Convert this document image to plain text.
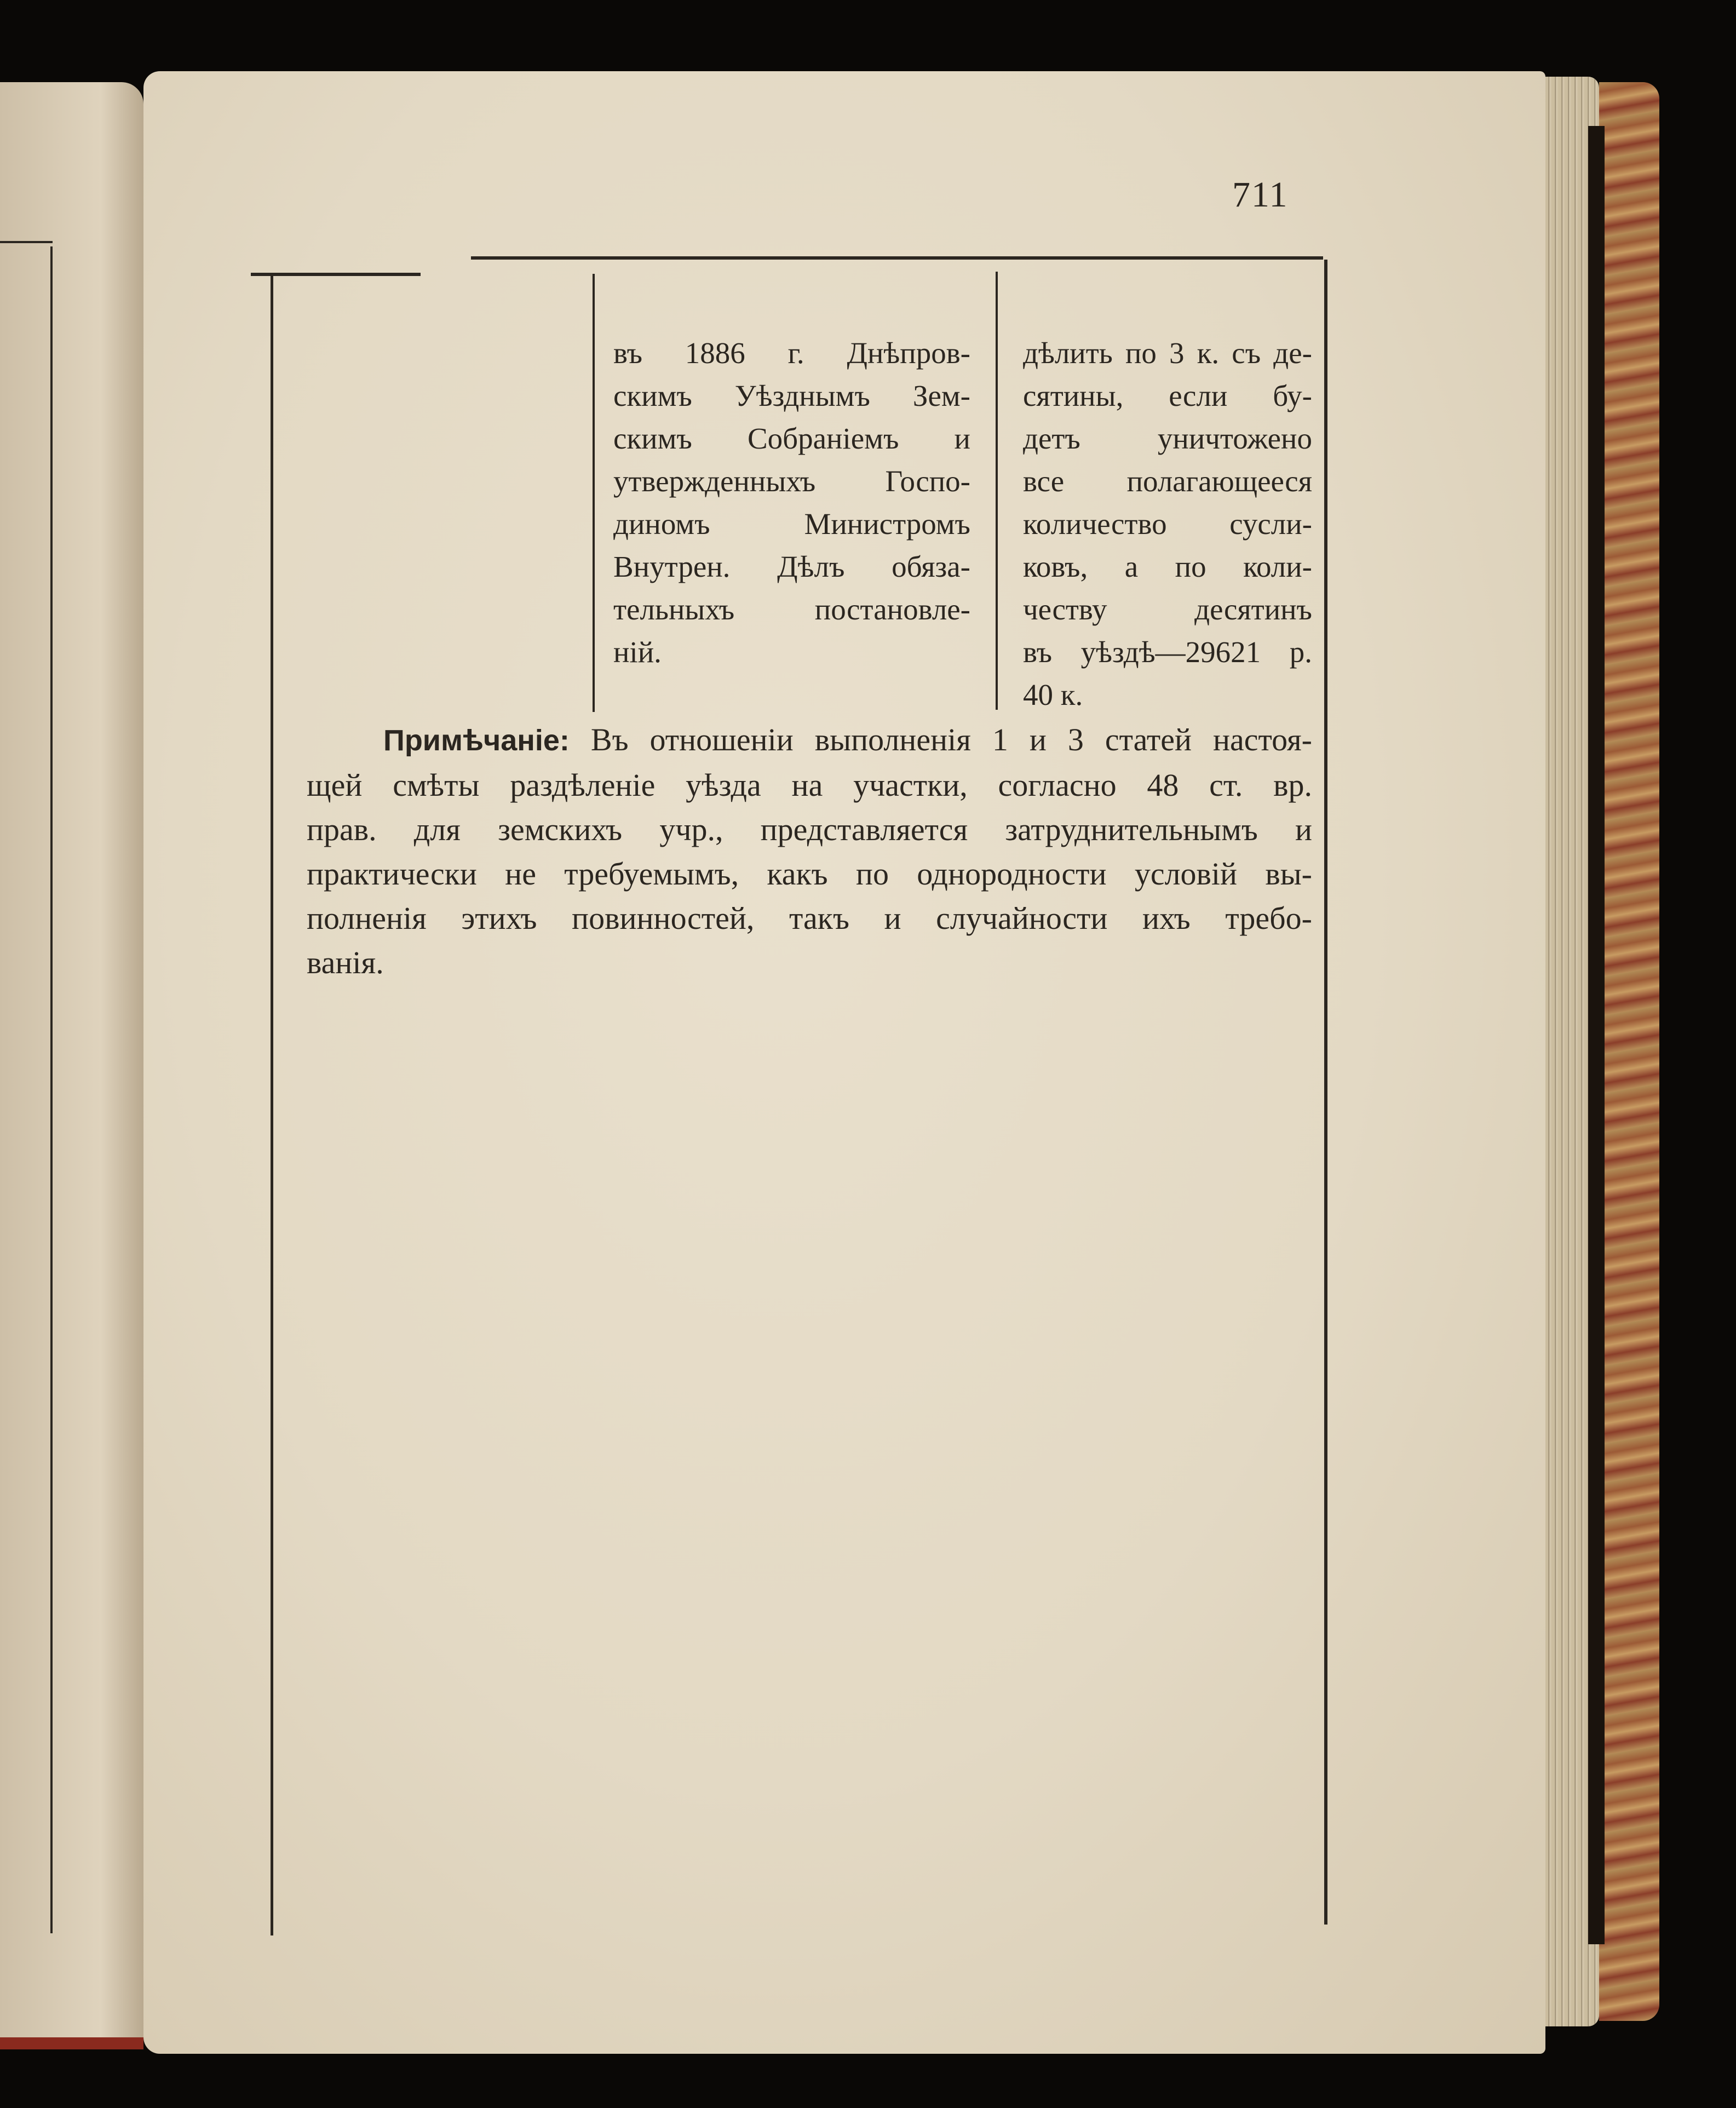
711
въ 1886 г. Днѣпров-
скимъ Уѣзднымъ Зем-
скимъ Собраніемъ и
утвержденныхъ Госпо-
диномъ Министромъ
Внутрен. Дѣлъ обяза-
тельныхъ постановле-
ній.
дѣлить по 3 к. съ де-
сятины, если бу-
детъ уничтожено
все полагающееся
количество сусли-
ковъ, а по коли-
честву десятинъ
въ уѣздѣ—29621 р.
40 к.
Примѣчаніе: Въ отношеніи выполненія 1 и 3 статей настоя-
щей смѣты раздѣленіе уѣзда на участки, согласно 48 ст. вр.
прав. для земскихъ учр., представляется затруднительнымъ и
практически не требуемымъ, какъ по однородности условій вы-
полненія этихъ повинностей, такъ и случайности ихъ требо-
ванія.
